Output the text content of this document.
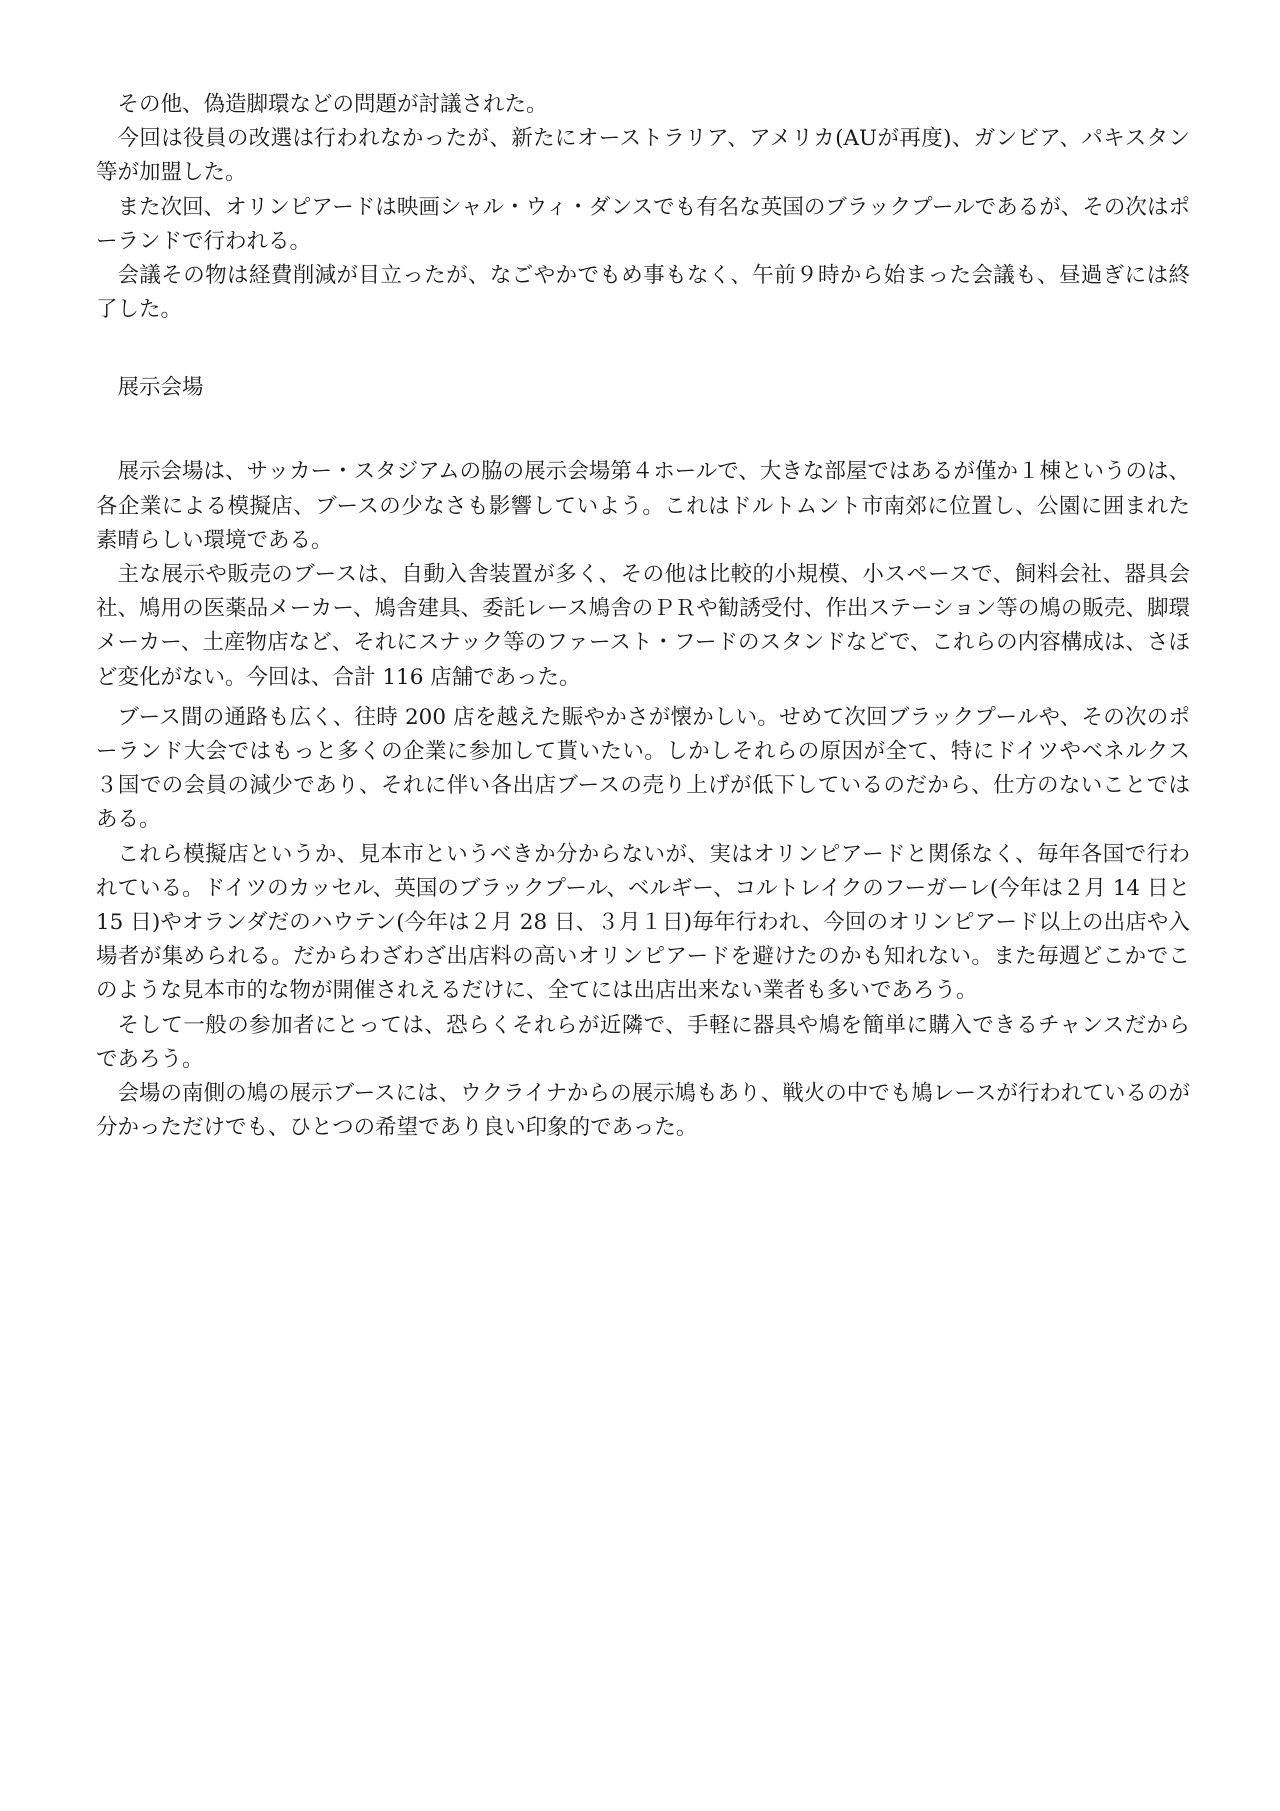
その他、偽造脚環などの問題が討議された。

今回は役員の改選は行われなかったが、新たにオーストラリア、アメリカ(AUが再度)、ガンビア、パキスタン等が加盟した。

また次回、オリンピアードは映画シャル・ウィ・ダンスでも有名な英国のブラックプールであるが、その次はポーランドで行われる。

会議その物は経費削減が目立ったが、なごやかでもめ事もなく、午前９時から始まった会議も、昼過ぎには終了した。

展示会場

展示会場は、サッカー・スタジアムの脇の展示会場第４ホールで、大きな部屋ではあるが僅か１棟というのは、各企業による模擬店、ブースの少なさも影響していよう。これはドルトムント市南郊に位置し、公園に囲まれた素晴らしい環境である。

主な展示や販売のブースは、自動入舎装置が多く、その他は比較的小規模、小スペースで、飼料会社、器具会社、鳩用の医薬品メーカー、鳩舎建具、委託レース鳩舎のＰＲや勧誘受付、作出ステーション等の鳩の販売、脚環メーカー、土産物店など、それにスナック等のファースト・フードのスタンドなどで、これらの内容構成は、さほど変化がない。今回は、合計 116 店舗であった。

ブース間の通路も広く、往時 200 店を越えた賑やかさが懐かしい。せめて次回ブラックプールや、その次のポーランド大会ではもっと多くの企業に参加して貰いたい。しかしそれらの原因が全て、特にドイツやベネルクス３国での会員の減少であり、それに伴い各出店ブースの売り上げが低下しているのだから、仕方のないことではある。

これら模擬店というか、見本市というべきか分からないが、実はオリンピアードと関係なく、毎年各国で行われている。ドイツのカッセル、英国のブラックプール、ベルギー、コルトレイクのフーガーレ(今年は２月 14 日と 15 日)やオランダだのハウテン(今年は２月 28 日、３月１日)毎年行われ、今回のオリンピアード以上の出店や入場者が集められる。だからわざわざ出店料の高いオリンピアードを避けたのかも知れない。また毎週どこかでこのような見本市的な物が開催されえるだけに、全てには出店出来ない業者も多いであろう。

そして一般の参加者にとっては、恐らくそれらが近隣で、手軽に器具や鳩を簡単に購入できるチャンスだからであろう。

会場の南側の鳩の展示ブースには、ウクライナからの展示鳩もあり、戦火の中でも鳩レースが行われているのが分かっただけでも、ひとつの希望であり良い印象的であった。
